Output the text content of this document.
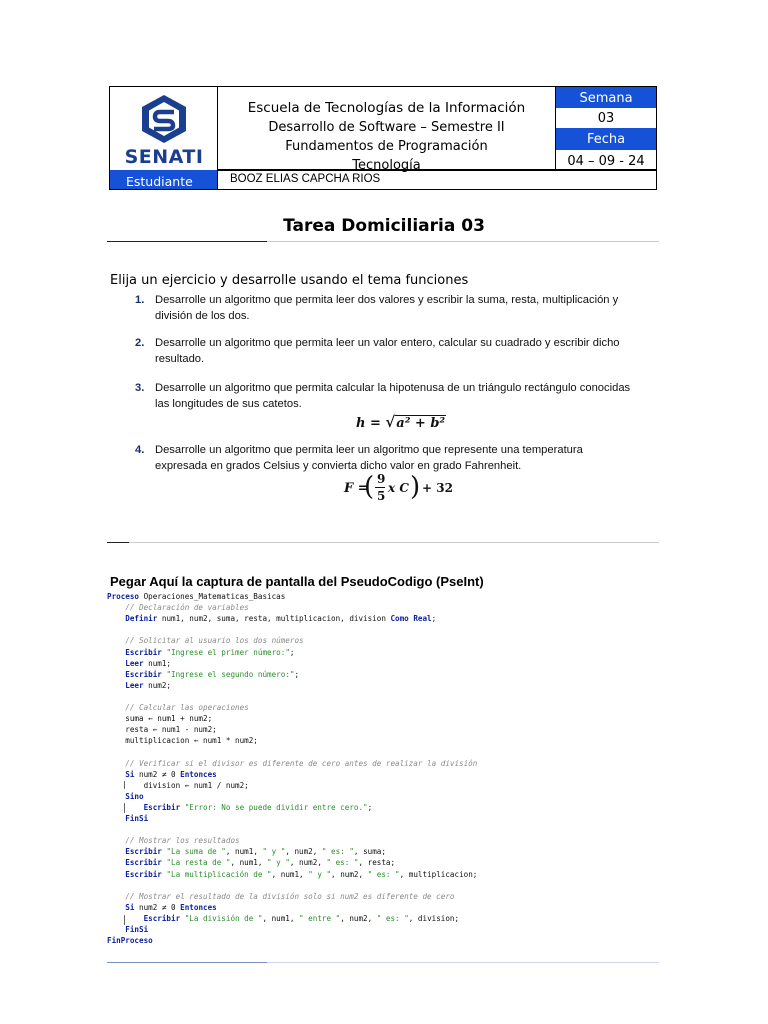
SENATI
Escuela de Tecnologías de la Información
Desarrollo de Software – Semestre II
Fundamentos de Programación
Tecnología
Semana
03
Fecha
04 – 09 - 24
Estudiante	BOOZ ELIAS CAPCHA RIOS
Tarea Domiciliaria 03
Elija un ejercicio y desarrolle usando el tema funciones
1. Desarrolle un algoritmo que permita leer dos valores y escribir la suma, resta, multiplicación y
división de los dos.
2. Desarrolle un algoritmo que permita leer un valor entero, calcular su cuadrado y escribir dicho
resultado.
3. Desarrolle un algoritmo que permita calcular la hipotenusa de un triángulo rectángulo conocidas
las longitudes de sus catetos.
h = √a² + b²
4. Desarrolle un algoritmo que permita leer un algoritmo que represente una temperatura
expresada en grados Celsius y convierta dicho valor en grado Fahrenheit.
F =
( 9
5
x C ) + 32
Pegar Aquí la captura de pantalla del PseudoCodigo (PseInt)
Proceso Operaciones_Matematicas_Basicas
// Declaración de variables
Definir num1, num2, suma, resta, multiplicacion, division Como Real;
// Solicitar al usuario los dos números
Escribir "Ingrese el primer número:";
Leer num1;
Escribir "Ingrese el segundo número:";
Leer num2;
// Calcular las operaciones
suma ← num1 + num2;
resta ← num1 - num2;
multiplicacion ← num1 * num2;
// Verificar si el divisor es diferente de cero antes de realizar la división
Si num2 ≠ 0 Entonces
division ← num1 / num2;
Sino
Escribir "Error: No se puede dividir entre cero.";
FinSi
// Mostrar los resultados
Escribir "La suma de ", num1, " y ", num2, " es: ", suma;
Escribir "La resta de ", num1, " y ", num2, " es: ", resta;
Escribir "La multiplicación de ", num1, " y ", num2, " es: ", multiplicacion;
// Mostrar el resultado de la división solo si num2 es diferente de cero
Si num2 ≠ 0 Entonces
Escribir "La división de ", num1, " entre ", num2, " es: ", division;
FinSi
FinProceso
